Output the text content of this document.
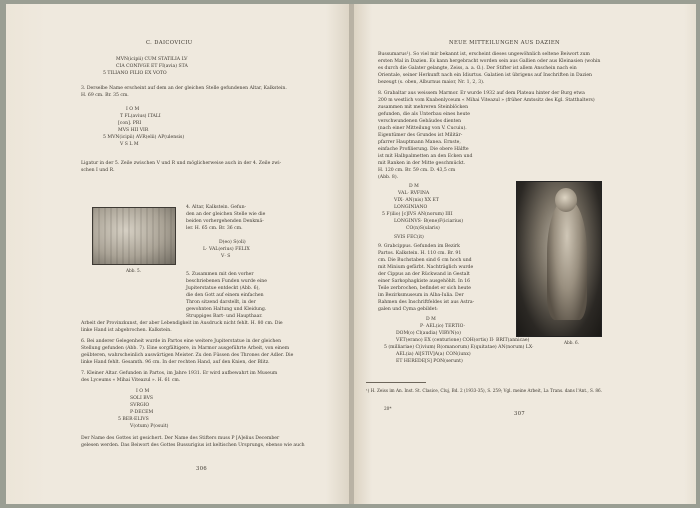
C. DAICOVICIU
MVN(icipii) CUM STATILIA LV
CIA CONIVGE ET FI(avia) STA
5 TILIANO FILIO EX VOTO
3. Derselbe Name erscheint auf dem an der gleichen Stelle gefundenen Altar, Kalkstein.
H. 69 cm. Br. 35 cm.
I O M
T FL(avius) ITALI
[con]. PRI
MVS HII VIR
5 MVN(icipii) AVR(elii) AP(ulensis)
V S L M
Ligatur in der 5. Zeile zwischen V und R und möglicherweise auch in der 4. Zeile zwi-
schen I und R.
Abb. 5.
4. Altar, Kalkstein. Gefun-
den an der gleichen Stelle wie die
beiden vorhergehenden Denkmä-
ler. H. 65 cm. Br. 36 cm.
D(eo) S(oli)
L· VAL(erius) FELIX
V· S
5. Zusammen mit den vorher
beschriebenen Funden wurde eine
Jupiterstatue entdeckt (Abb. 6),
die den Gott auf einem einfachen
Thron sitzend darstellt, in der
gewohnten Haltung und Kleidung.
Struppiges Bart- und Haupthaar.
Arbeit der Provinzkunst, der aber Lebendigkeit im Ausdruck nicht fehlt. H. 80 cm. Die
linke Hand ist abgebrochen. Kalkstein.
6. Bei anderer Gelegenheit wurde in Partos eine weitere Jupiterstatue in der gleichen
Stellung gefunden (Abb. 7). Eine sorgfältigere, in Marmor ausgeführte Arbeit, von einem
geübteren, wahrscheinlich auswärtigen Meister. Zu den Füssen des Thrones der Adler. Die
linke Hand fehlt. Gesamth. 96 cm. In der rechten Hand, auf den Knien, der Blitz.
7. Kleiner Altar. Gefunden in Partos, im Jahre 1931. Er wird aufbewahrt im Museum
des Lyceums « Mihai Viteazul ». H. 61 cm.
I O M
SOLI BVS
SVRGIO
P·DECEM
5 BER·ELIVS
V(otum) P(osuit)
Der Name des Gottes ist gesichert. Der Name des Stifters muss P [A]elius December
gelesen werden. Das Beiwort des Gottes Bussurigius ist keltischen Ursprungs, ebenso wie auch
306
NEUE MITTEILUNGEN AUS DAZIEN
Bussumarus¹). So viel mir bekannt ist, erscheint dieses ungewöhnlich seltene Beiwort zum
ersten Mal in Dazien. Es kann hergebracht worden sein aus Gallien oder aus Kleinasien (wohin
es durch die Galater gelangte, Zeiss, a. a. O.). Der Stifter ist allem Anschein nach ein
Orientale, seiner Herkunft nach ein Idiurtus. Galatien ist übrigens auf Inschriften in Dazien
bezeugt (s. oben, Alburnus maior, Nr. 1, 2, 3).
8. Grabaltar aus weissem Marmor. Er wurde 1932 auf dem Plateau hinter der Burg etwa
200 m westlich vom Knabenlyceum « Mihai Viteazul » (früher Amtssitz des Kgl. Statthalters)
zusammen mit mehreren Steinblöcken
gefunden, die als Unterbau eines heute
verschwundenen Gebäudes dienten
(nach einer Mitteilung von V. Cucuiu).
Eigentümer des Grundes ist Militär-
pfarrer Hauptmann Manea. Ernste,
einfache Profilierung. Die obere Hälfte
ist mit Halbpalmetten an den Ecken und
mit Ranken in der Mitte geschmückt.
H. 120 cm. Br. 59 cm. D. 43,5 cm
(Abb. 8).
D M
VAL· RVFINA
VIX· AN(nis) XX ET
LONGINIANO
5 F(ilio) [c]IVS AN(norum) IIII
LONGINVS· B(ene)F(iciarius)
CO(n)S(ularis)
SVIS FEC(it)
9. Grabcippus. Gefunden im Bezirk
Partos. Kalkstein. H. 110 cm. Br. 91
cm. Die Buchstaben sind 6 cm hoch und
mit Minium gefärbt. Nachträglich wurde
der Cippus an der Rückwand in Gestalt
einer Sarkophagkiste ausgehöhlt. In 16
Teile zerbrochen, befindet er sich heute
im Bezirksmuseum in Alba-Iulia. Der
Rahmen des Inschriftfeldes ist aus Astra-
galen und Cyma gebildet:
Abb. 6.
D M
P· AEL(io) TERTIO·
DOM(o) Cl(audia) VIRVN(o)
VET(erano) EX (centurione) COH(ortis) II· BRIT(annicae)
5 (milliariae) C(ivium) R(omanorum) E(quitatae) AN(norum) LX·
AEL(ia) Al[STIV]A(a) CON(iunx)
ET HEREDE[S] PON(serunt)
¹) H. Zeiss im An. Inst. St. Clasice, Cluj, Bd. 2 (1933-35), S. 259; Vgl. meine Arbeit, La Trans. dans l'Ant., S. 86.
20*
307
